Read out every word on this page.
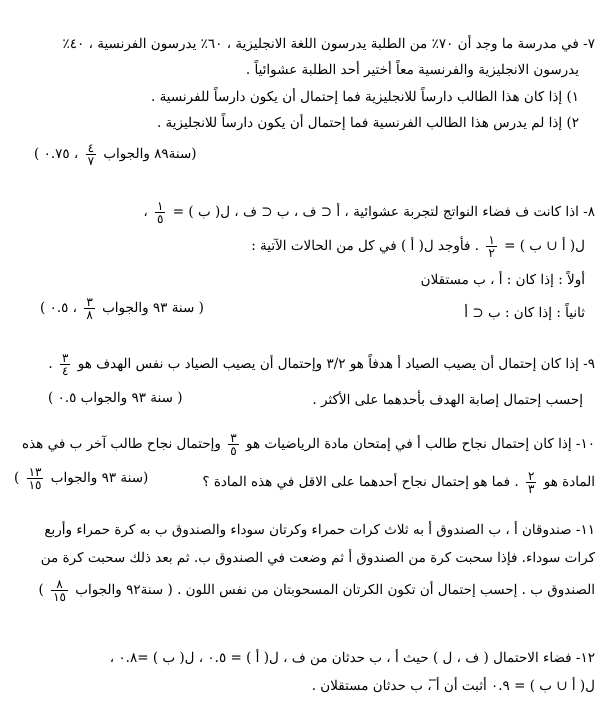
٧- في مدرسة ما وجد أن ٧٠٪ من الطلبة يدرسون اللغة الانجليزية ، ٦٠٪ يدرسون الفرنسية ، ٤٠٪
يدرسون الانجليزية والفرنسية معاً أختير أحد الطلبة عشوائياً .
١) إذا كان هذا الطالب دارساً للانجليزية فما إحتمال أن يكون دارساً للفرنسية .
٢) إذا لم يدرس هذا الطالب الفرنسية فما إحتمال أن يكون دارساً للانجليزية .
(سنة٨٩ والجواب
$\frac{٤}{٧}$
، ٠.٧٥ )
٨- اذا كانت ف فضاء النواتج لتجربة عشوائية ، أ ⊂ ف ، ب ⊂ ف ، ل( ب ) =
$\frac{١}{٥}$
،
ل( أ ∪ ب ) =
$\frac{١}{٢}$
. فأوجد ل( أ ) في كل من الحالات الآتية :
أولاً : إذا كان : أ ، ب مستقلان
ثانياً : إذا كان : ب ⊂ أ
( سنة ٩٣ والجواب
$\frac{٣}{٨}$
، ٠.٥ )
٩- إذا كان إحتمال أن يصيب الصياد أ هدفاً هو ٣/٢ وإحتمال أن يصيب الصياد ب نفس الهدف هو
$\frac{٣}{٤}$
.
إحسب إحتمال إصابة الهدف بأحدهما على الأكثر .
( سنة ٩٣ والجواب ٠.٥ )
١٠- إذا كان إحتمال نجاح طالب أ في إمتحان مادة الرياضيات هو
$\frac{٣}{٥}$
وإحتمال نجاح طالب آخر ب في هذه
المادة هو
$\frac{٢}{٣}$
. فما هو إحتمال نجاح أحدهما على الاقل في هذه المادة ؟
(سنة ٩٣ والجواب
$\frac{١٣}{١٥}$
)
١١- صندوقان أ ، ب الصندوق أ به ثلاث كرات حمراء وكرتان سوداء والصندوق ب به كرة حمراء وأربع
كرات سوداء. فإذا سحبت كرة من الصندوق أ ثم وضعت في الصندوق ب. ثم بعد ذلك سحبت كرة من
الصندوق ب . إحسب إحتمال أن تكون الكرتان المسحوبتان من نفس اللون . ( سنة٩٢ والجواب
$\frac{٨}{١٥}$
)
١٢- فضاء الاحتمال ( ف ، ل ) حيث أ ، ب حدثان من ف ، ل( أ ) = ٠.٥ ، ل( ب ) =٠.٨ ،
ل( أ ∪ ب ) = ٠.٩ أثبت أن أ̅ ، ب حدثان مستقلان .
